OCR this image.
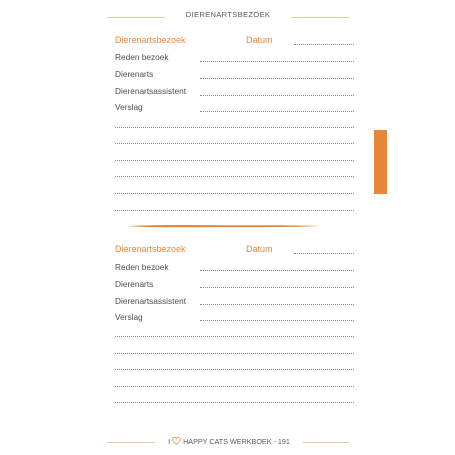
DIERENARTSBEZOEK
Dierenartsbezoek	Datum
Reden bezoek
Dierenarts
Dierenartsassistent
Verslag
Dierenartsbezoek	Datum
Reden bezoek
Dierenarts
Dierenartsassistent
Verslag
I HAPPY CATS WERKBOEK - 191
